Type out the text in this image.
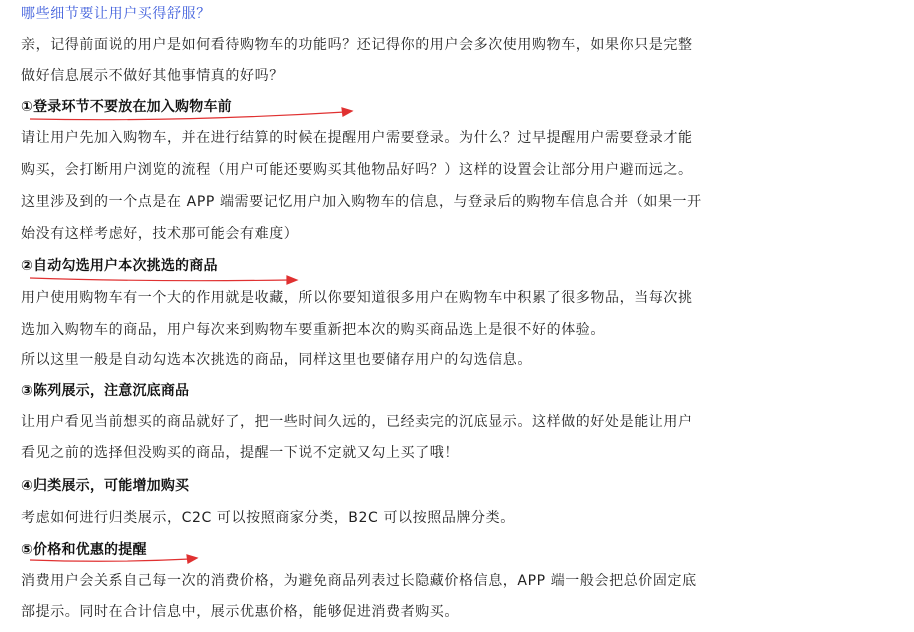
哪些细节要让用户买得舒服？
亲，记得前面说的用户是如何看待购物车的功能吗？还记得你的用户会多次使用购物车，如果你只是完整
做好信息展示不做好其他事情真的好吗？
①登录环节不要放在加入购物车前
请让用户先加入购物车，并在进行结算的时候在提醒用户需要登录。为什么？过早提醒用户需要登录才能
购买，会打断用户浏览的流程（用户可能还要购买其他物品好吗？）这样的设置会让部分用户避而远之。
这里涉及到的一个点是在 APP 端需要记忆用户加入购物车的信息，与登录后的购物车信息合并（如果一开
始没有这样考虑好，技术那可能会有难度）
②自动勾选用户本次挑选的商品
用户使用购物车有一个大的作用就是收藏，所以你要知道很多用户在购物车中积累了很多物品，当每次挑
选加入购物车的商品，用户每次来到购物车要重新把本次的购买商品选上是很不好的体验。
所以这里一般是自动勾选本次挑选的商品，同样这里也要储存用户的勾选信息。
③陈列展示，注意沉底商品
让用户看见当前想买的商品就好了，把一些时间久远的，已经卖完的沉底显示。这样做的好处是能让用户
看见之前的选择但没购买的商品，提醒一下说不定就又勾上买了哦！
④归类展示，可能增加购买
考虑如何进行归类展示，C2C 可以按照商家分类，B2C 可以按照品牌分类。
⑤价格和优惠的提醒
消费用户会关系自己每一次的消费价格，为避免商品列表过长隐藏价格信息，APP 端一般会把总价固定底
部提示。同时在合计信息中，展示优惠价格，能够促进消费者购买。
